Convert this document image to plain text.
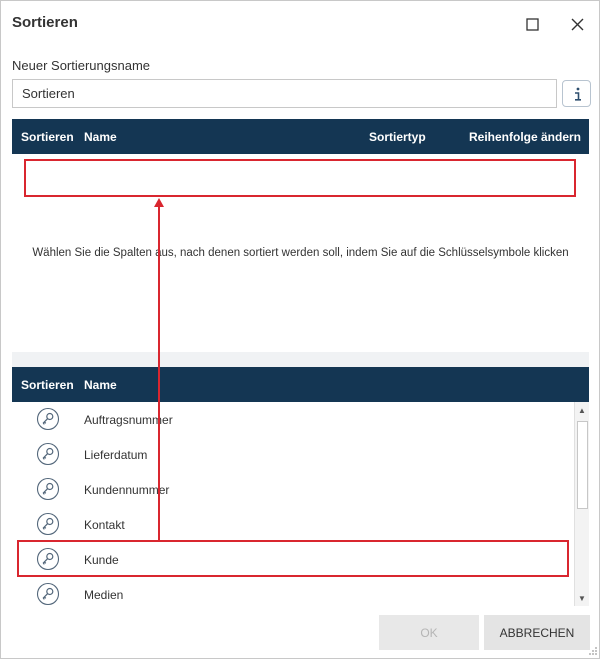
Sortieren
Neuer Sortierungsname
Sortieren
Sortieren Name	Sortiertyp	Reihenfolge ändern
Wählen Sie die Spalten aus, nach denen sortiert werden soll, indem Sie auf die Schlüsselsymbole klicken
Sortieren Name
Auftragsnummer
Lieferdatum
Kundennummer
Kontakt
Kunde
Medien
▲
▼
OK	ABBRECHEN
